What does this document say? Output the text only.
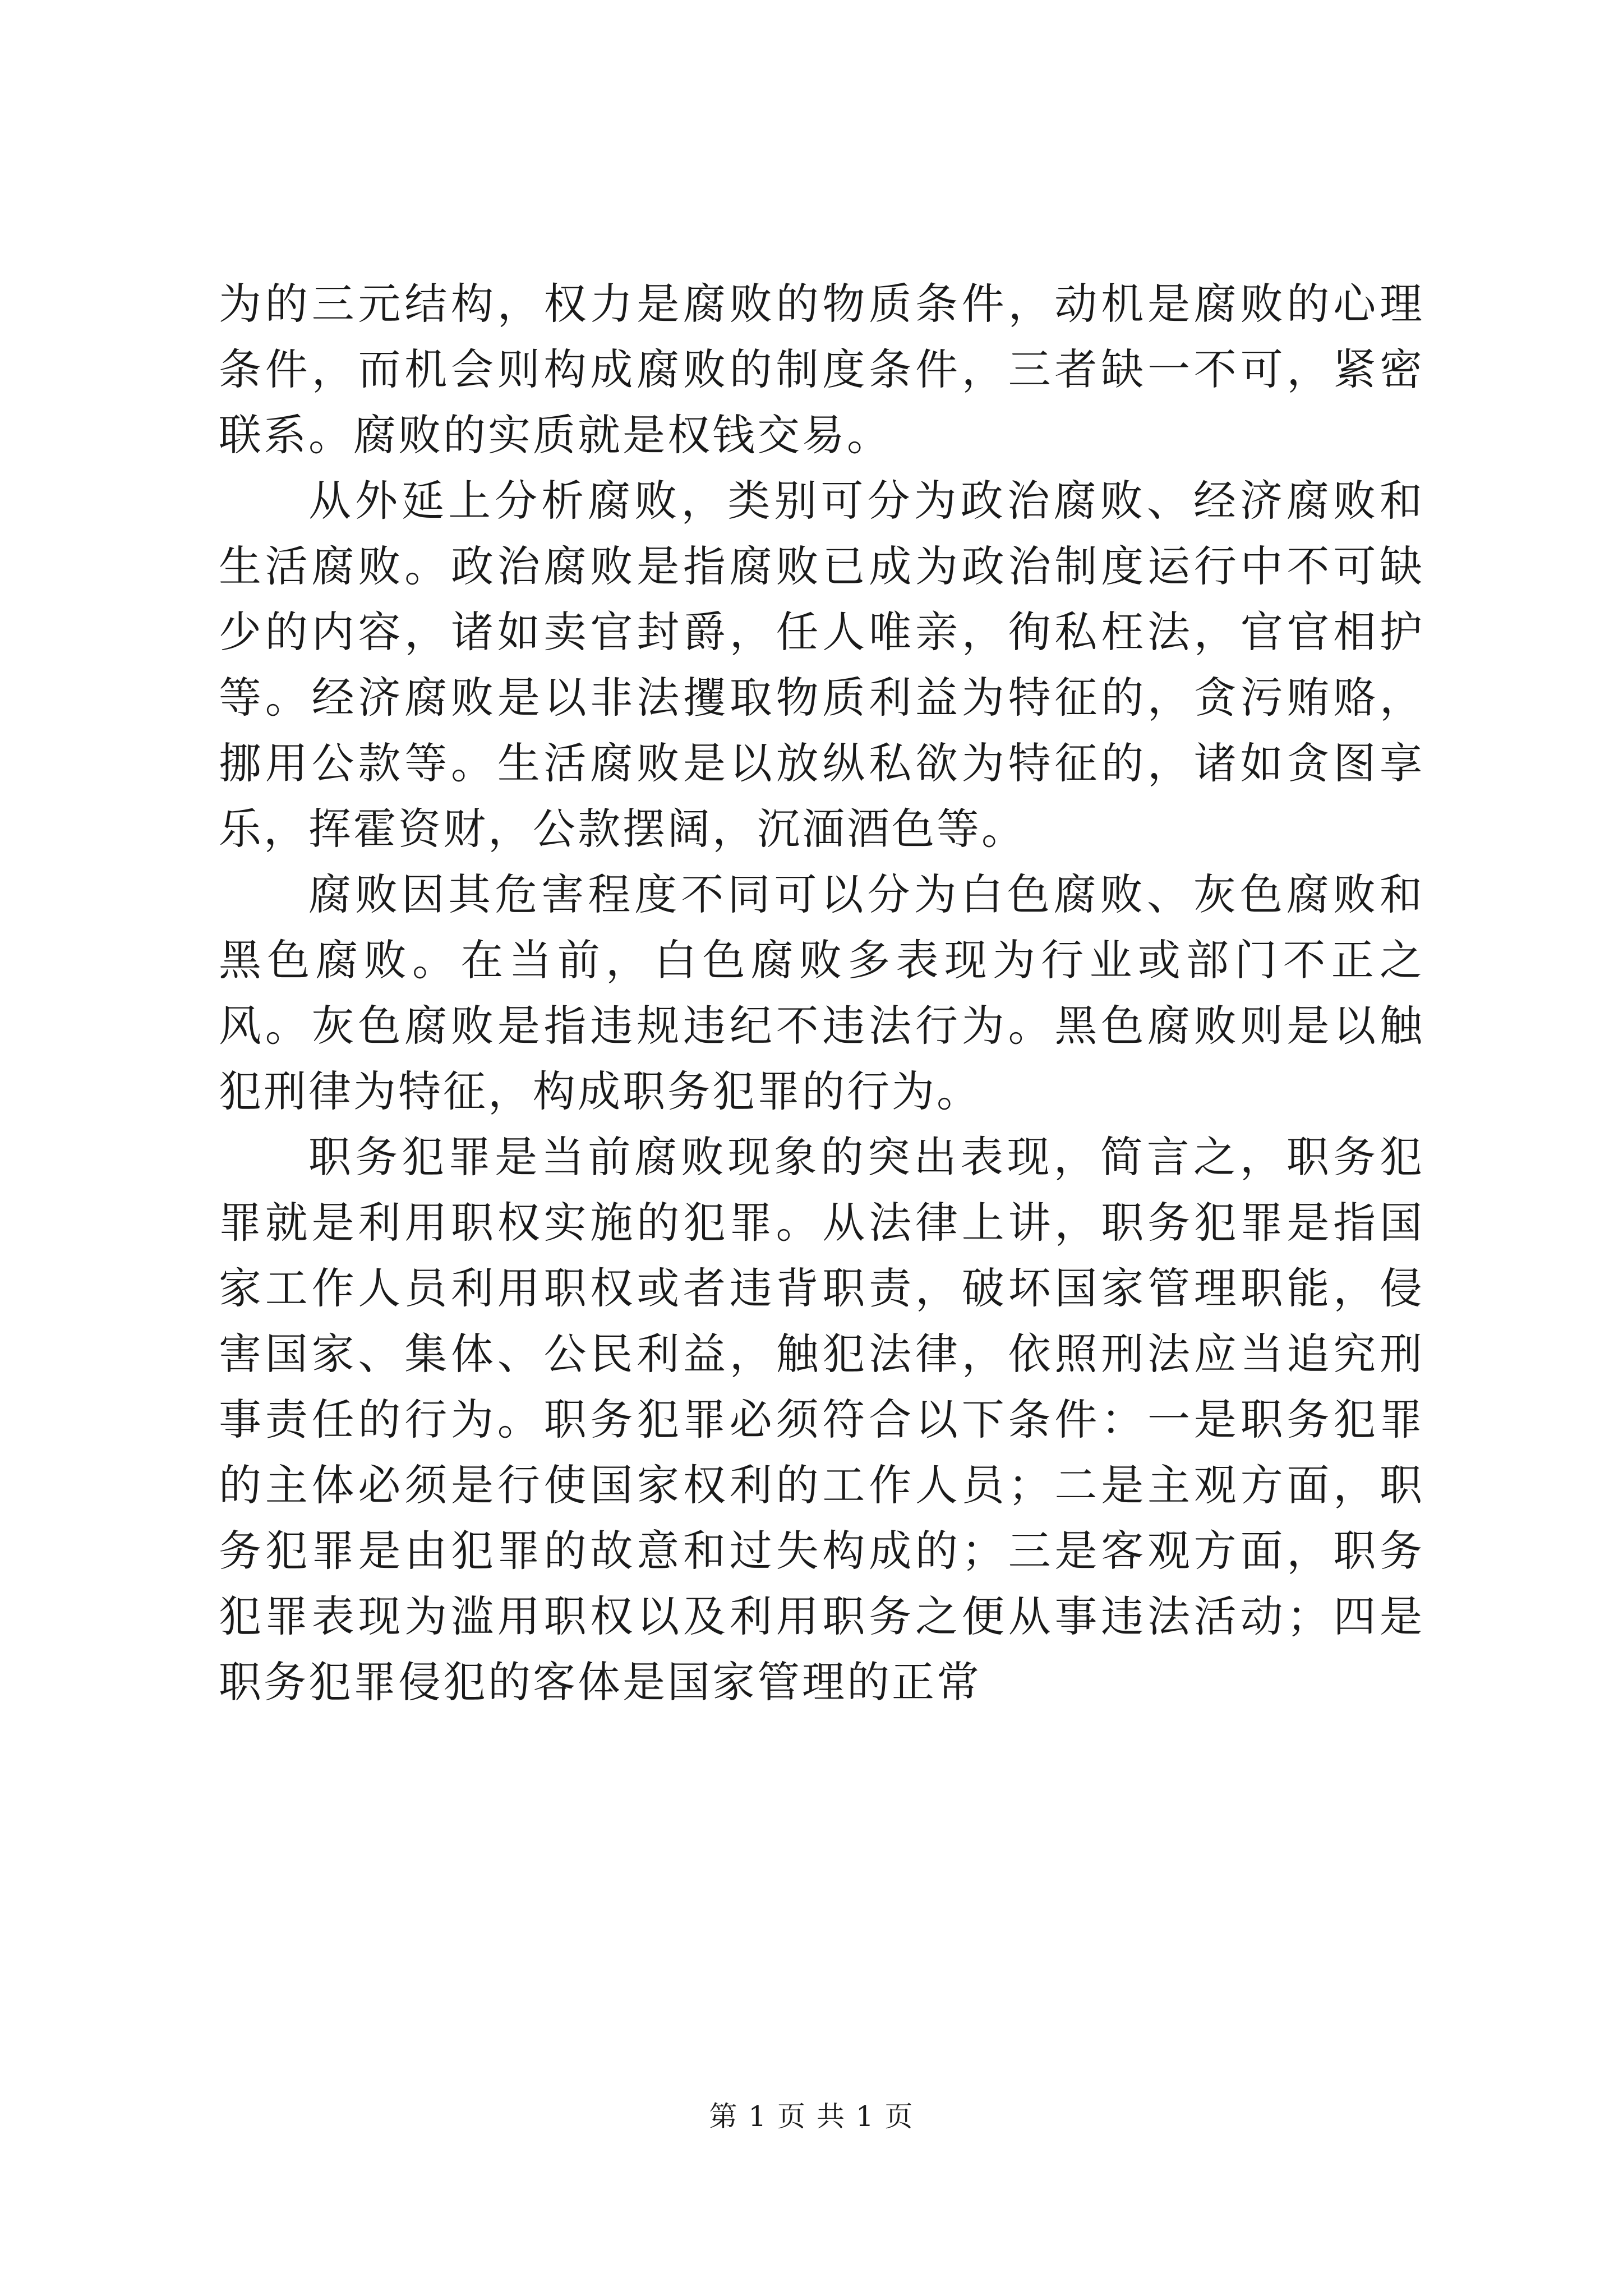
为的三元结构，权力是腐败的物质条件，动机是腐败的心理条件，而机会则构成腐败的制度条件，三者缺一不可，紧密联系。腐败的实质就是权钱交易。

从外延上分析腐败，类别可分为政治腐败、经济腐败和生活腐败。政治腐败是指腐败已成为政治制度运行中不可缺少的内容，诸如卖官封爵，任人唯亲，徇私枉法，官官相护等。经济腐败是以非法攫取物质利益为特征的，贪污贿赂，挪用公款等。生活腐败是以放纵私欲为特征的，诸如贪图享乐，挥霍资财，公款摆阔，沉湎酒色等。

腐败因其危害程度不同可以分为白色腐败、灰色腐败和黑色腐败。在当前，白色腐败多表现为行业或部门不正之风。灰色腐败是指违规违纪不违法行为。黑色腐败则是以触犯刑律为特征，构成职务犯罪的行为。

职务犯罪是当前腐败现象的突出表现，简言之，职务犯罪就是利用职权实施的犯罪。从法律上讲，职务犯罪是指国家工作人员利用职权或者违背职责，破坏国家管理职能，侵害国家、集体、公民利益，触犯法律，依照刑法应当追究刑事责任的行为。职务犯罪必须符合以下条件：一是职务犯罪的主体必须是行使国家权利的工作人员；二是主观方面，职务犯罪是由犯罪的故意和过失构成的；三是客观方面，职务犯罪表现为滥用职权以及利用职务之便从事违法活动；四是职务犯罪侵犯的客体是国家管理的正常

第 1 页 共 1 页
